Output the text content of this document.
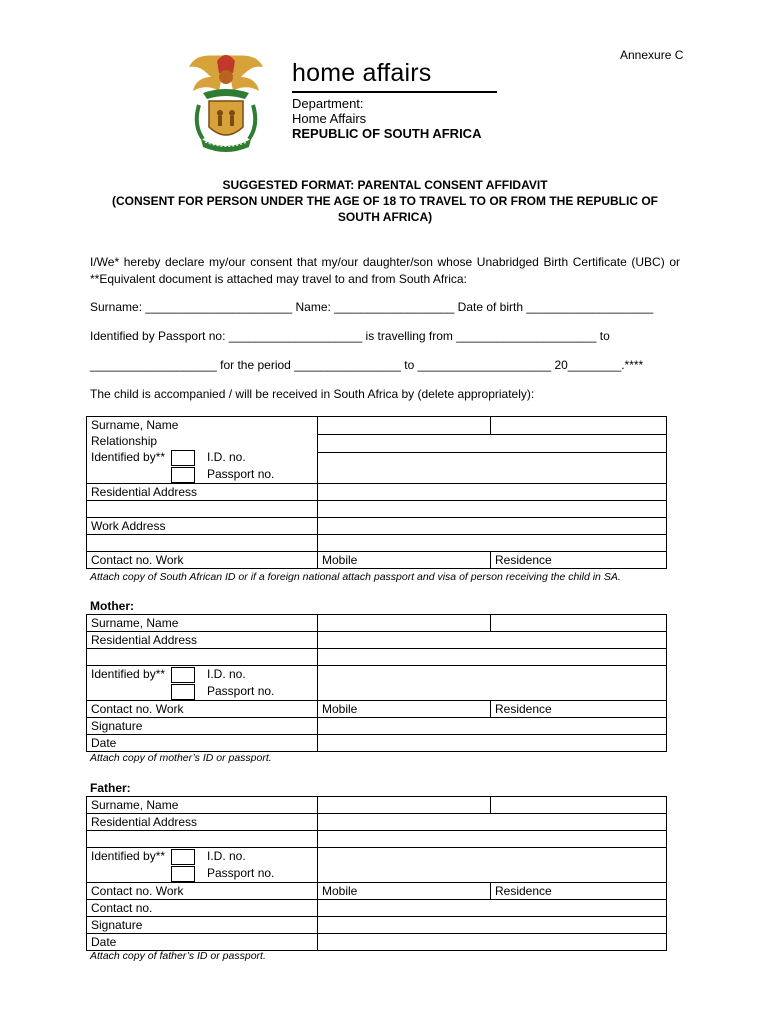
Annexure C
home affairs
Department:
Home Affairs
REPUBLIC OF SOUTH AFRICA
SUGGESTED FORMAT: PARENTAL CONSENT AFFIDAVIT
(CONSENT FOR PERSON UNDER THE AGE OF 18 TO TRAVEL TO OR FROM THE REPUBLIC OF SOUTH AFRICA)
I/We* hereby declare my/our consent that my/our daughter/son whose Unabridged Birth Certificate (UBC) or **Equivalent document is attached may travel to and from South Africa:
Surname: ______________________ Name: __________________ Date of birth ___________________
Identified by Passport no: ____________________ is travelling from _____________________ to
___________________ for the period ________________ to ____________________ 20________.****
The child is accompanied / will be received in South Africa by (delete appropriately):
Surname, Name
Relationship
Identified by** I.D. no.
Passport no.		

Residential Address		

Work Address		

Contact no. Work	Mobile	Residence
Attach copy of South African ID or if a foreign national attach passport and visa of person receiving the child in SA.
Mother:
Surname, Name		
Residential Address		

Identified by** I.D. no.
Passport no.		

Contact no. Work	Mobile	Residence
Signature		
Date		
Attach copy of mother’s ID or passport.
Father:
Surname, Name		
Residential Address		

Identified by** I.D. no.
Passport no.		

Contact no. Work	Mobile	Residence
Contact no.		
Signature		
Date		
Attach copy of father’s ID or passport.
